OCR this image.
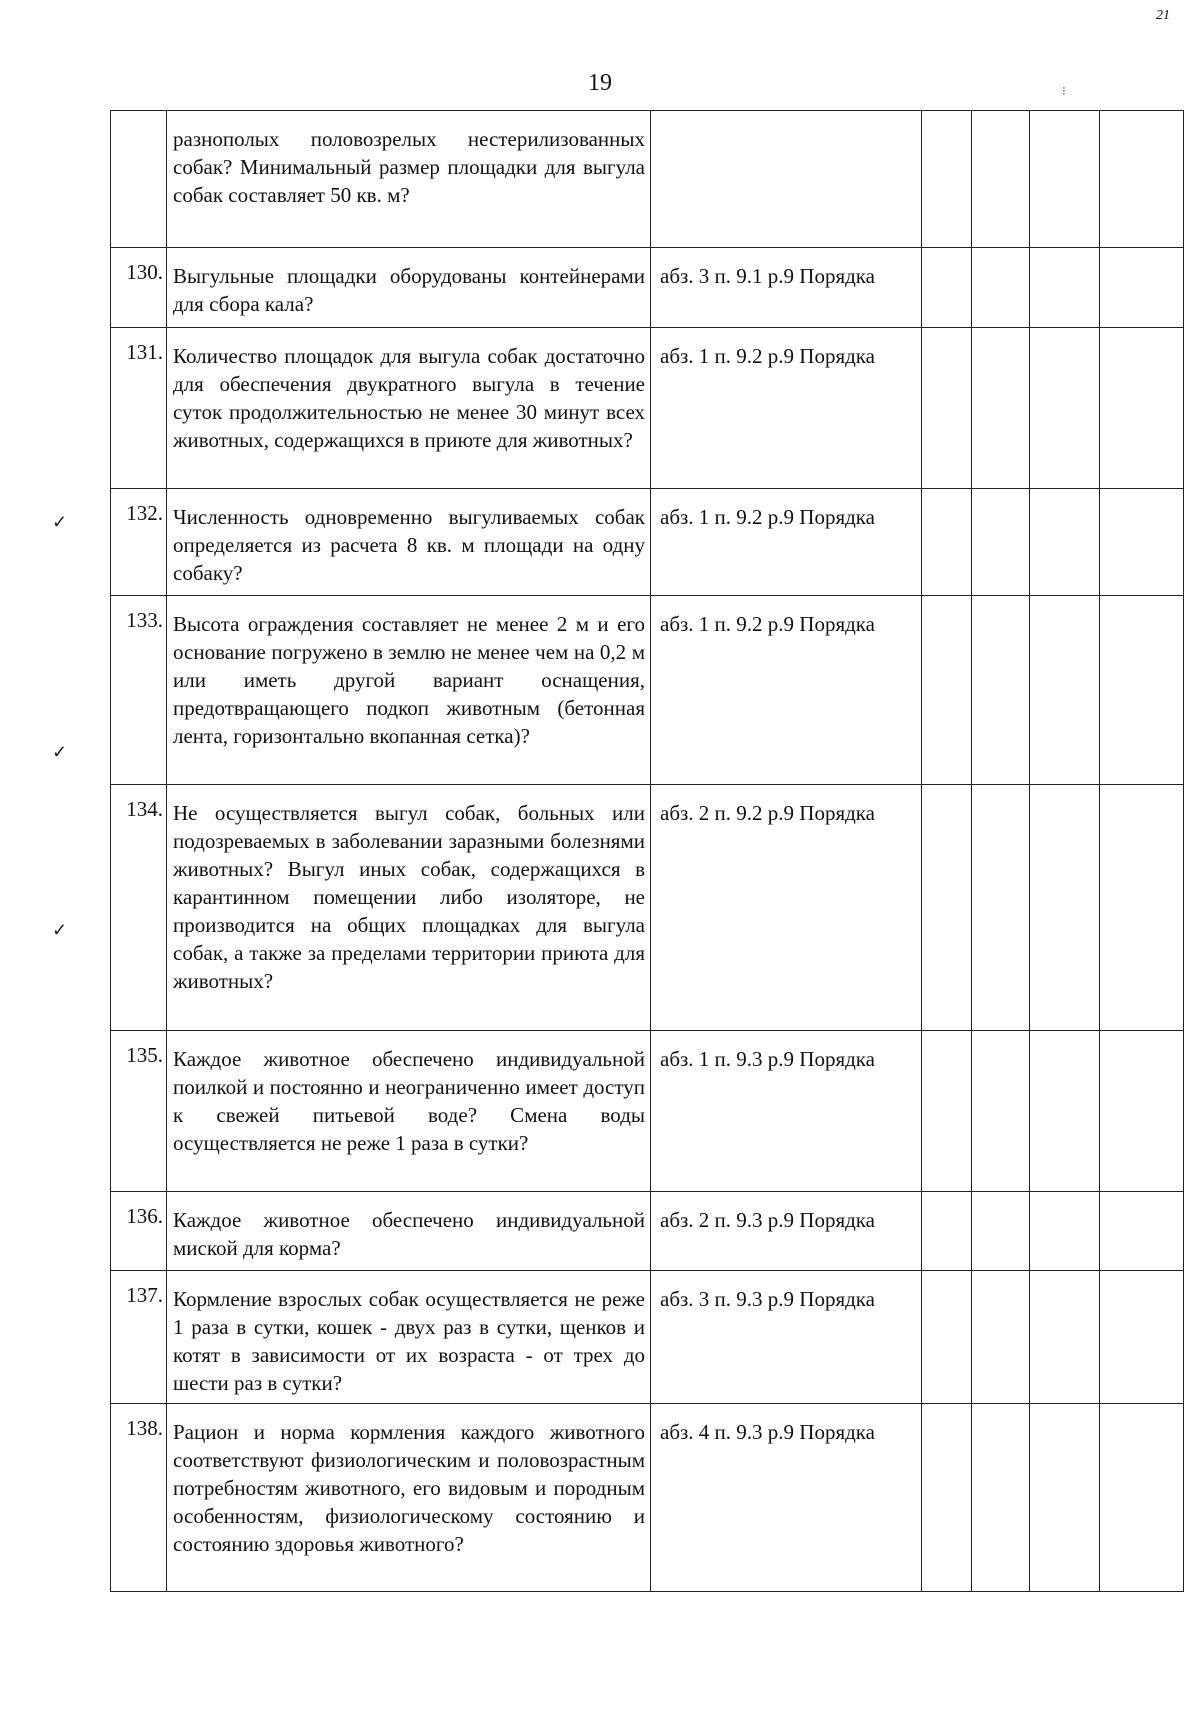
21
19	⁝
✓
✓
✓
	разнополых половозрелых нестерилизованных собак? Минимальный размер площадки для выгула собак составляет 50 кв. м?					
130.	Выгульные площадки оборудованы контейнерами для сбора кала?	абз. 3 п. 9.1 р.9 Порядка				
131.	Количество площадок для выгула собак достаточно для обеспечения двукратного выгула в течение суток продолжительностью не менее 30 минут всех животных, содержащихся в приюте для животных?	абз. 1 п. 9.2 р.9 Порядка				
132.	Численность одновременно выгуливаемых собак определяется из расчета 8 кв. м площади на одну собаку?	абз. 1 п. 9.2 р.9 Порядка				
133.	Высота ограждения составляет не менее 2 м и его основание погружено в землю не менее чем на 0,2 м или иметь другой вариант оснащения, предотвращающего подкоп животным (бетонная лента, горизонтально вкопанная сетка)?	абз. 1 п. 9.2 р.9 Порядка				
134.	Не осуществляется выгул собак, больных или подозреваемых в заболевании заразными болезнями животных? Выгул иных собак, содержащихся в карантинном помещении либо изоляторе, не производится на общих площадках для выгула собак, а также за пределами территории приюта для животных?	абз. 2 п. 9.2 р.9 Порядка				
135.	Каждое животное обеспечено индивидуальной поилкой и постоянно и неограниченно имеет доступ к свежей питьевой воде? Смена воды осуществляется не реже 1 раза в сутки?	абз. 1 п. 9.3 р.9 Порядка				
136.	Каждое животное обеспечено индивидуальной миской для корма?	абз. 2 п. 9.3 р.9 Порядка				
137.	Кормление взрослых собак осуществляется не реже 1 раза в сутки, кошек - двух раз в сутки, щенков и котят в зависимости от их возраста - от трех до шести раз в сутки?	абз. 3 п. 9.3 р.9 Порядка				
138.	Рацион и норма кормления каждого животного соответствуют физиологическим и половозрастным потребностям животного, его видовым и породным особенностям, физиологическому состоянию и состоянию здоровья животного?	абз. 4 п. 9.3 р.9 Порядка				
